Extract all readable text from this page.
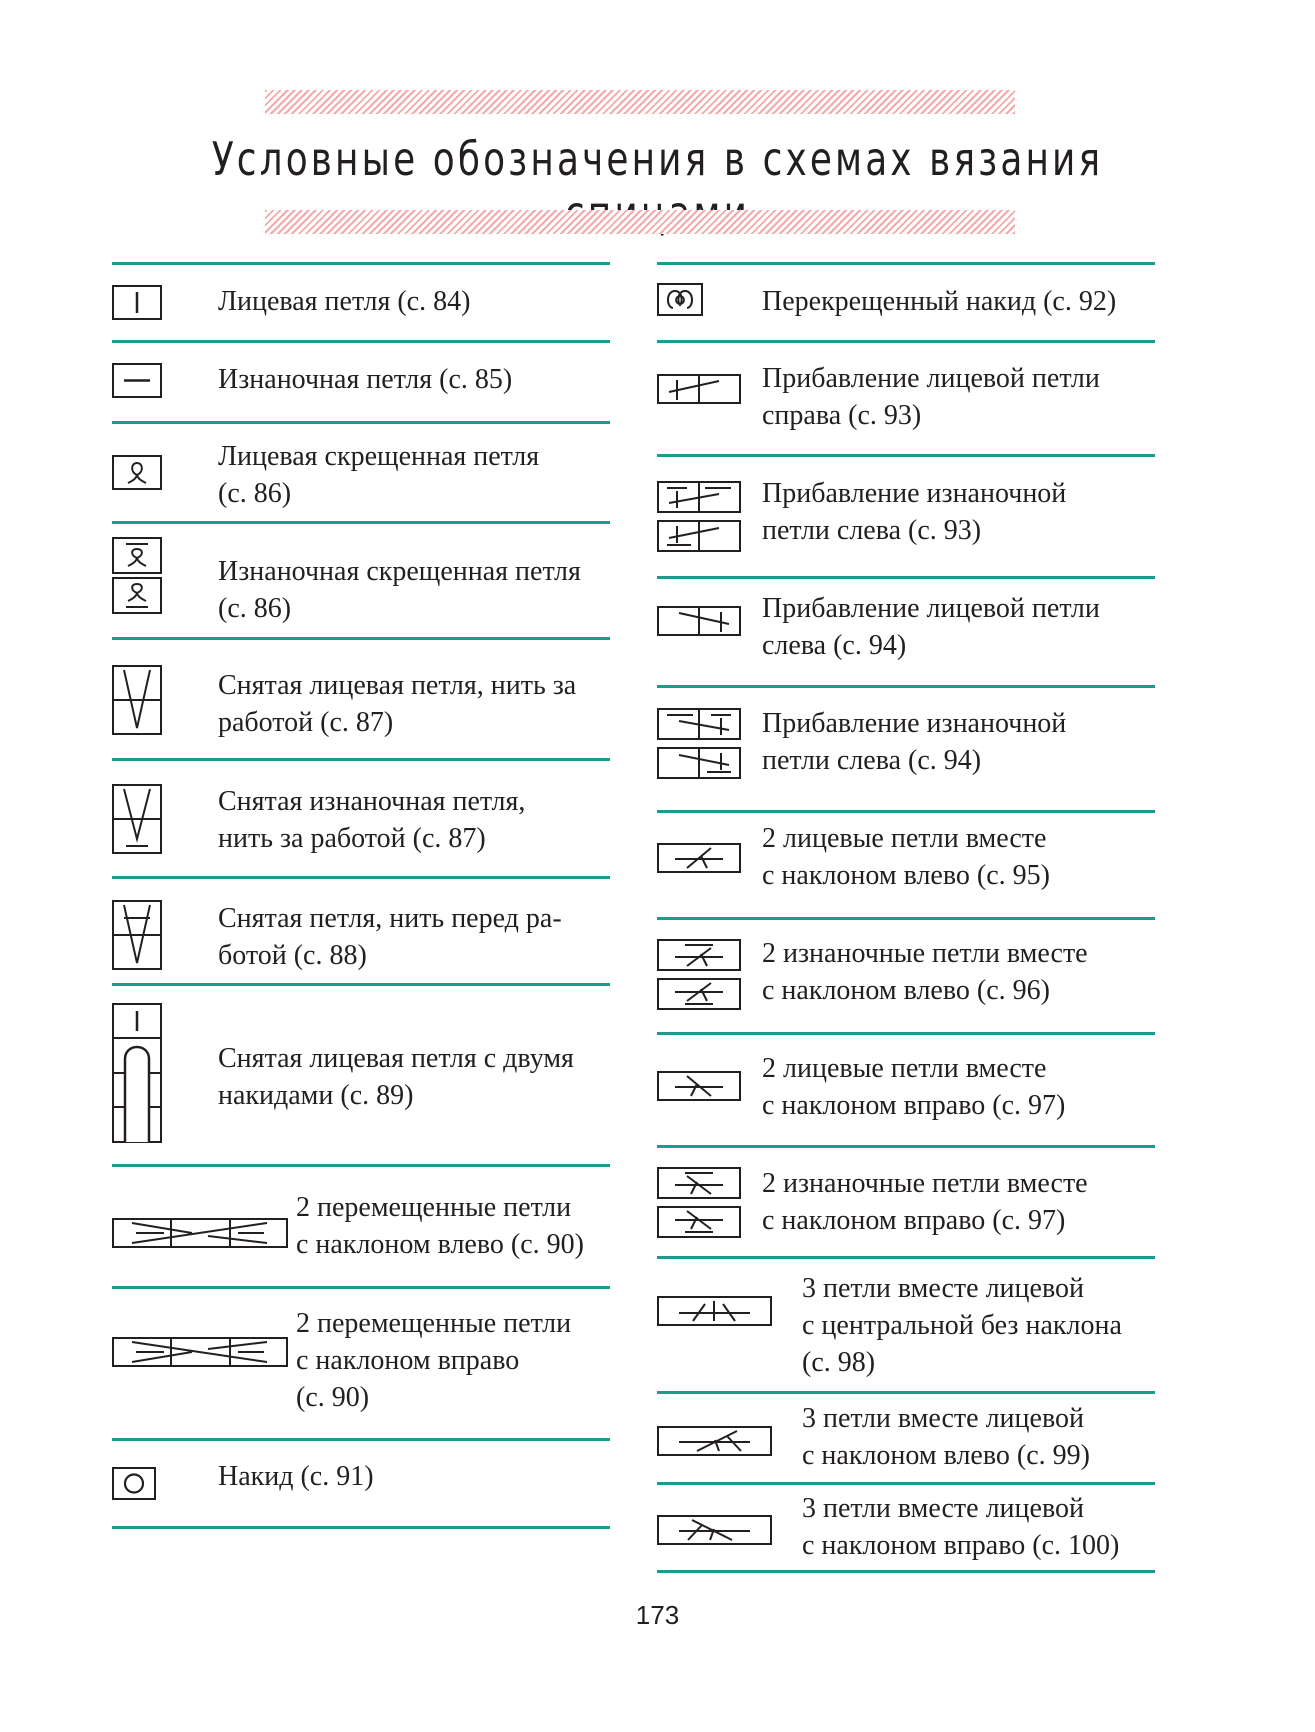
Условные обозначения в схемах вязания
Лицевая петля (с. 84)
Изнаночная петля (с. 85)
Лицевая скрещенная петля
(с. 86)
Изнаночная скрещенная петля
(с. 86)
Снятая лицевая петля, нить за
работой (с. 87)
Снятая изнаночная петля,
нить за работой (с. 87)
Снятая петля, нить перед ра-
ботой (с. 88)
Снятая лицевая петля с двумя
накидами (с. 89)
2 перемещенные петли
с наклоном влево (с. 90)
2 перемещенные петли
с наклоном вправо
(с. 90)
Накид (с. 91)
Перекрещенный накид (с. 92)
Прибавление лицевой петли
справа (с. 93)
Прибавление изнаночной
петли слева (с. 93)
Прибавление лицевой петли
слева (с. 94)
Прибавление изнаночной
петли слева (с. 94)
2 лицевые петли вместе
с наклоном влево (с. 95)
2 изнаночные петли вместе
с наклоном влево (с. 96)
2 лицевые петли вместе
с наклоном вправо (с. 97)
2 изнаночные петли вместе
с наклоном вправо (с. 97)
3 петли вместе лицевой
с центральной без наклона
(с. 98)
3 петли вместе лицевой
с наклоном влево (с. 99)
3 петли вместе лицевой
с наклоном вправо (с. 100)
173
